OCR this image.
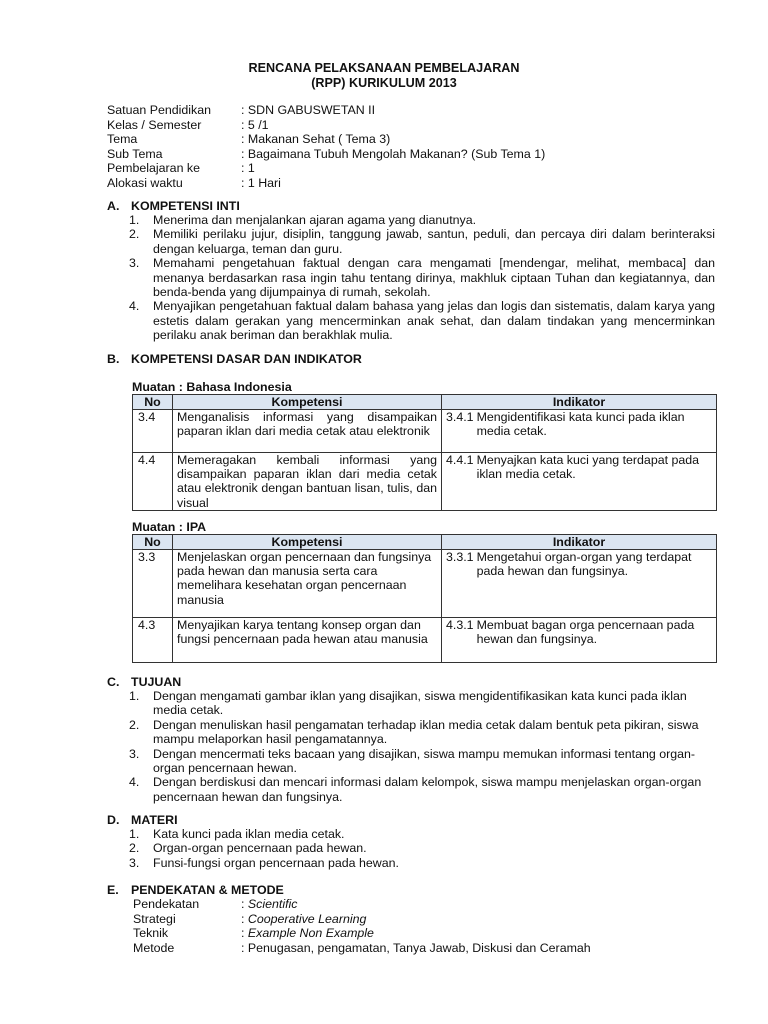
RENCANA PELAKSANAAN PEMBELAJARAN
(RPP) KURIKULUM 2013
Satuan Pendidikan : SDN GABUSWETAN II
Kelas / Semester	: 5 /1
Tema	: Makanan Sehat ( Tema 3)
Sub Tema	: Bagaimana Tubuh Mengolah Makanan? (Sub Tema 1)
Pembelajaran ke	: 1
Alokasi waktu	: 1 Hari
A. KOMPETENSI INTI
1. Menerima dan menjalankan ajaran agama yang dianutnya.
2. Memiliki perilaku jujur, disiplin, tanggung jawab, santun, peduli, dan percaya diri dalam berinteraksi dengan keluarga, teman dan guru.
3. Memahami pengetahuan faktual dengan cara mengamati [mendengar, melihat, membaca] dan menanya berdasarkan rasa ingin tahu tentang dirinya, makhluk ciptaan Tuhan dan kegiatannya, dan benda-benda yang dijumpainya di rumah, sekolah.
4. Menyajikan pengetahuan faktual dalam bahasa yang jelas dan logis dan sistematis, dalam karya yang estetis dalam gerakan yang mencerminkan anak sehat, dan dalam tindakan yang mencerminkan perilaku anak beriman dan berakhlak mulia.
B. KOMPETENSI DASAR DAN INDIKATOR
Muatan : Bahasa Indonesia
No	Kompetensi	Indikator
3.4	Menganalisis informasi yang disampaikan paparan iklan dari media cetak atau elektronik	3.4.1 Mengidentifikasi kata kunci pada iklan media cetak.

4.4	Memeragakan kembali informasi yang disampaikan paparan iklan dari media cetak atau elektronik dengan bantuan lisan, tulis, dan visual	4.4.1 Menyajkan kata kuci yang terdapat pada iklan media cetak.
Muatan : IPA
No	Kompetensi	Indikator
3.3	Menjelaskan organ pencernaan dan fungsinya pada hewan dan manusia serta cara memelihara kesehatan organ pencernaan manusia	3.3.1 Mengetahui organ-organ yang terdapat pada hewan dan fungsinya.

4.3	Menyajikan karya tentang konsep organ dan fungsi pencernaan pada hewan atau manusia	4.3.1 Membuat bagan orga pencernaan pada hewan dan fungsinya.
C. TUJUAN
1. Dengan mengamati gambar iklan yang disajikan, siswa mengidentifikasikan kata kunci pada iklan media cetak.
2. Dengan menuliskan hasil pengamatan terhadap iklan media cetak dalam bentuk peta pikiran, siswa mampu melaporkan hasil pengamatannya.
3. Dengan mencermati teks bacaan yang disajikan, siswa mampu memukan informasi tentang organ-organ pencernaan hewan.
4. Dengan berdiskusi dan mencari informasi dalam kelompok, siswa mampu menjelaskan organ-organ pencernaan hewan dan fungsinya.
D. MATERI
1. Kata kunci pada iklan media cetak.
2. Organ-organ pencernaan pada hewan.
3. Funsi-fungsi organ pencernaan pada hewan.
E. PENDEKATAN & METODE
Pendekatan	: Scientific
Strategi	: Cooperative Learning
Teknik	: Example Non Example
Metode	: Penugasan, pengamatan, Tanya Jawab, Diskusi dan Ceramah
